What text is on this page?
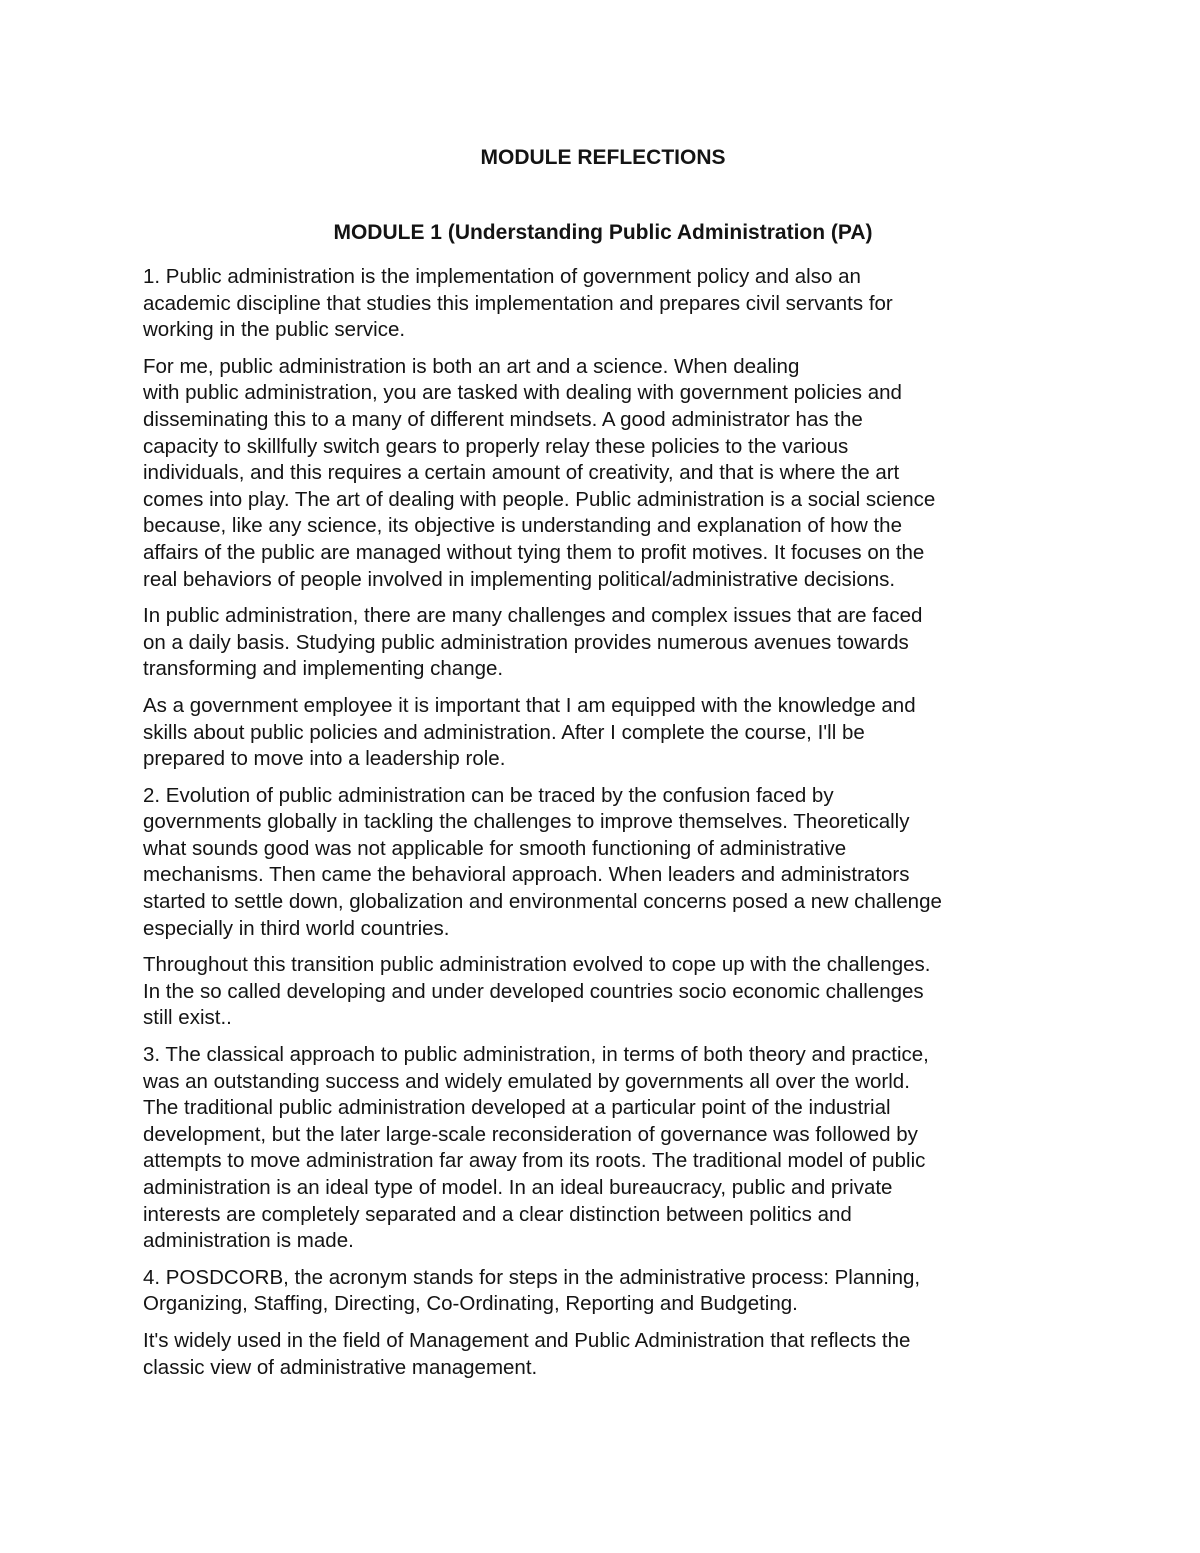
MODULE REFLECTIONS
MODULE 1 (Understanding Public Administration (PA)

1. Public administration is the implementation of government policy and also an
academic discipline that studies this implementation and prepares civil servants for
working in the public service.

For me, public administration is both an art and a science. When dealing
with public administration, you are tasked with dealing with government policies and
disseminating this to a many of different mindsets. A good administrator has the
capacity to skillfully switch gears to properly relay these policies to the various
individuals, and this requires a certain amount of creativity, and that is where the art
comes into play. The art of dealing with people. Public administration is a social science
because, like any science, its objective is understanding and explanation of how the
affairs of the public are managed without tying them to profit motives. It focuses on the
real behaviors of people involved in implementing political/administrative decisions.

In public administration, there are many challenges and complex issues that are faced
on a daily basis. Studying public administration provides numerous avenues towards
transforming and implementing change.

As a government employee it is important that I am equipped with the knowledge and
skills about public policies and administration. After I complete the course, I'll be
prepared to move into a leadership role.

2. Evolution of public administration can be traced by the confusion faced by
governments globally in tackling the challenges to improve themselves. Theoretically
what sounds good was not applicable for smooth functioning of administrative
mechanisms. Then came the behavioral approach. When leaders and administrators
started to settle down, globalization and environmental concerns posed a new challenge
especially in third world countries.

Throughout this transition public administration evolved to cope up with the challenges.
In the so called developing and under developed countries socio economic challenges
still exist..

3. The classical approach to public administration, in terms of both theory and practice,
was an outstanding success and widely emulated by governments all over the world.
The traditional public administration developed at a particular point of the industrial
development, but the later large-scale reconsideration of governance was followed by
attempts to move administration far away from its roots. The traditional model of public
administration is an ideal type of model. In an ideal bureaucracy, public and private
interests are completely separated and a clear distinction between politics and
administration is made.

4. POSDCORB, the acronym stands for steps in the administrative process: Planning,
Organizing, Staffing, Directing, Co-Ordinating, Reporting and Budgeting.

It's widely used in the field of Management and Public Administration that reflects the
classic view of administrative management.
